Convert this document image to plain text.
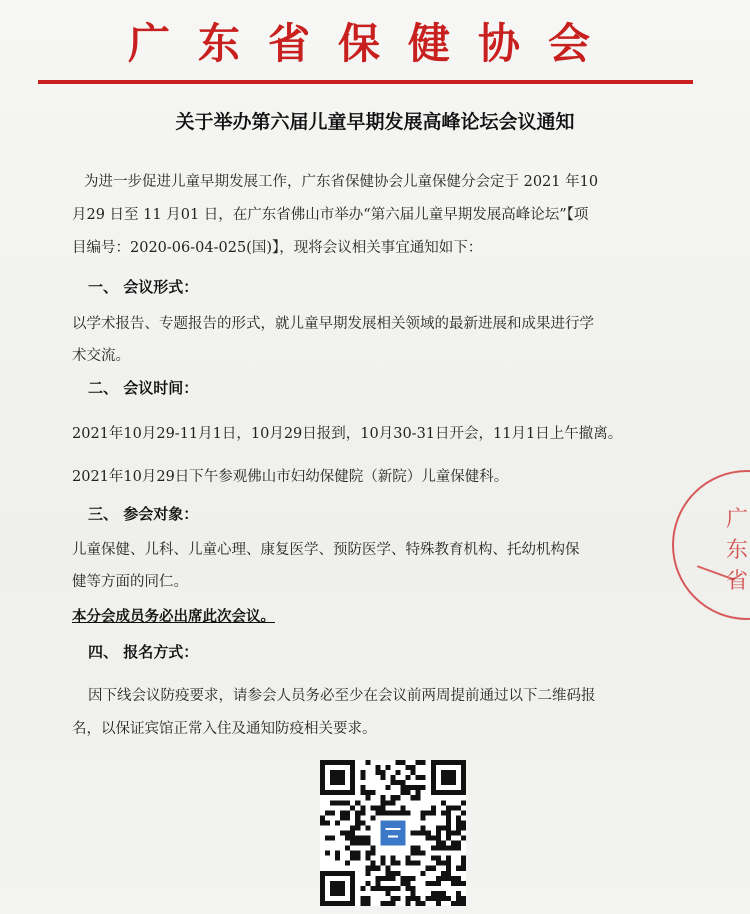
广东省保健协会
关于举办第六届儿童早期发展高峰论坛会议通知
为进一步促进儿童早期发展工作，广东省保健协会儿童保健分会定于 2021 年10
月29 日至 11 月01 日，在广东省佛山市举办“第六届儿童早期发展高峰论坛”【项
目编号：2020-06-04-025(国)】，现将会议相关事宜通知如下：
一、 会议形式：
以学术报告、专题报告的形式，就儿童早期发展相关领域的最新进展和成果进行学
术交流。
二、 会议时间：
2021年10月29-11月1日，10月29日报到，10月30-31日开会，11月1日上午撤离。
2021年10月29日下午参观佛山市妇幼保健院（新院）儿童保健科。
三、 参会对象：
儿童保健、儿科、儿童心理、康复医学、预防医学、特殊教育机构、托幼机构保
健等方面的同仁。
本分会成员务必出席此次会议。
四、 报名方式：
因下线会议防疫要求，请参会人员务必至少在会议前两周提前通过以下二维码报
名，以保证宾馆正常入住及通知防疫相关要求。
广东省
